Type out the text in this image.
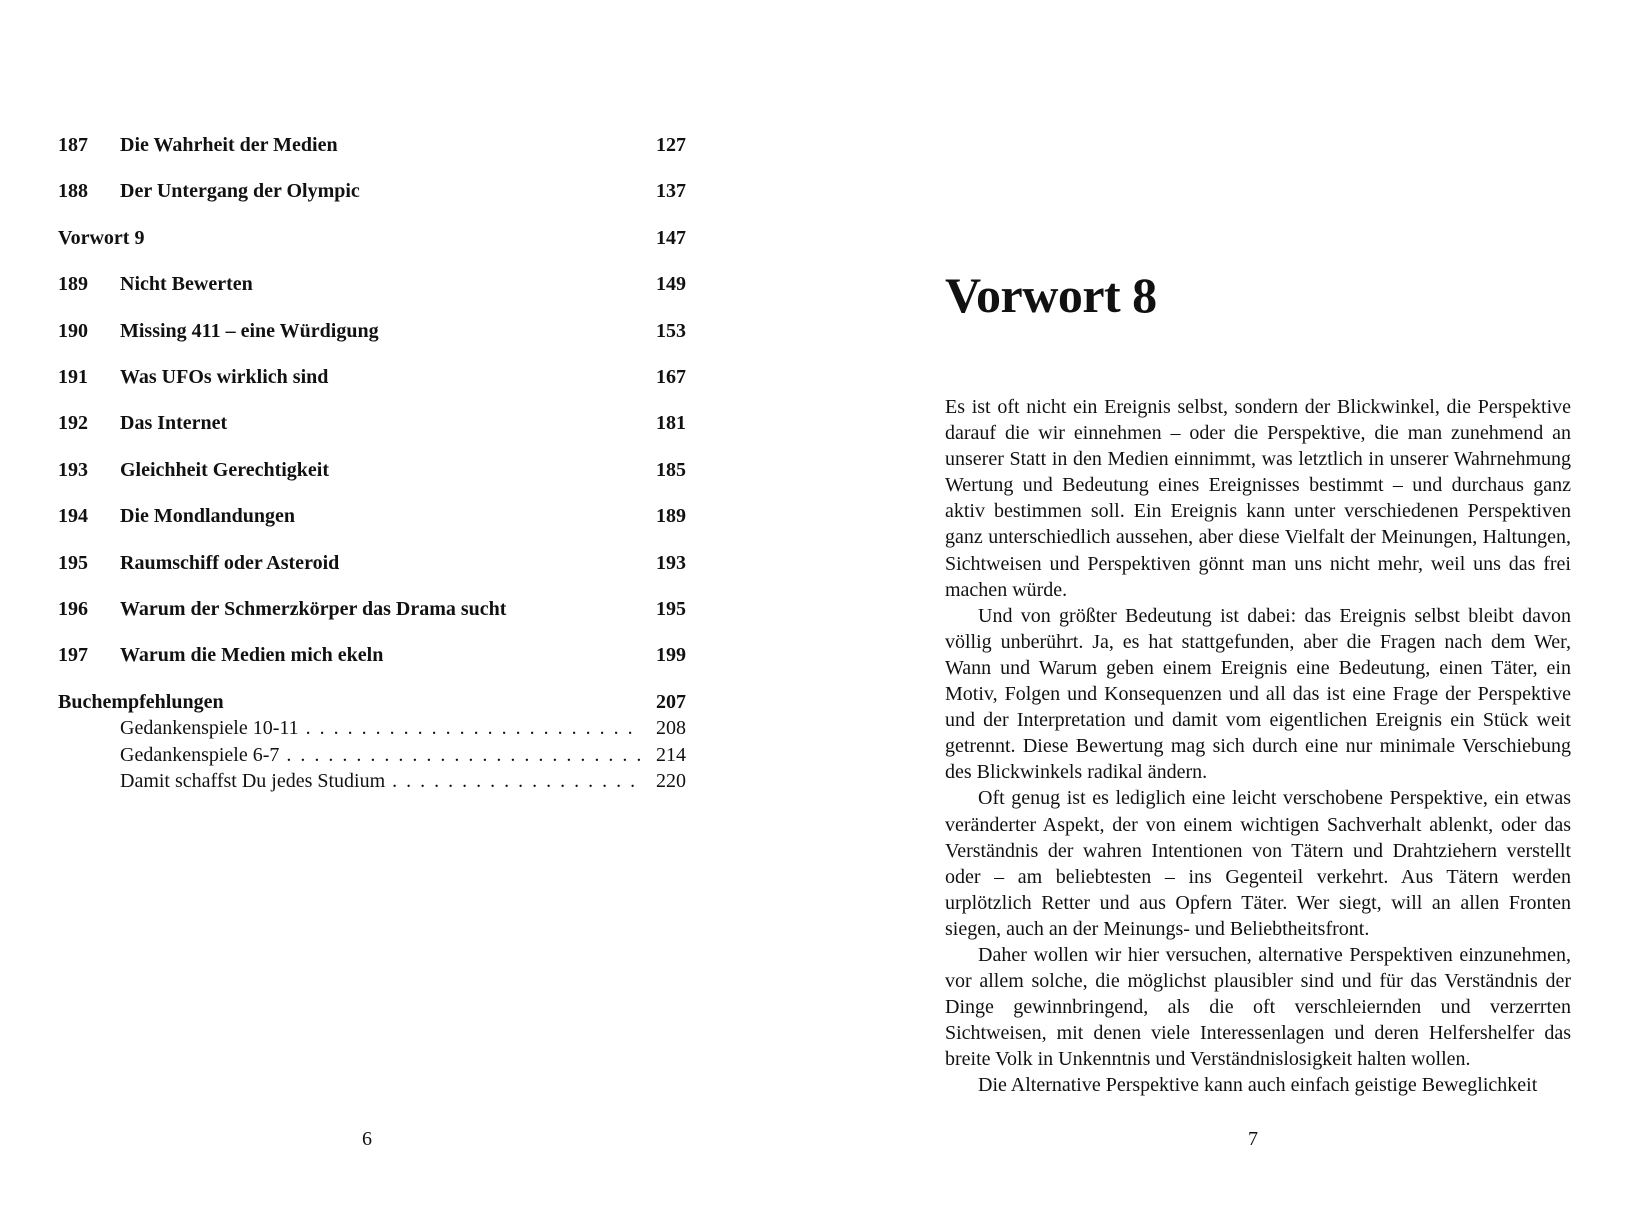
187 Die Wahrheit der Medien	127
188 Der Untergang der Olympic	137
Vorwort 9	147
189 Nicht Bewerten	149
190 Missing 411 – eine Würdigung	153
191 Was UFOs wirklich sind	167
192 Das Internet	181
193 Gleichheit Gerechtigkeit	185
194 Die Mondlandungen	189
195 Raumschiff oder Asteroid	193
196 Warum der Schmerzkörper das Drama sucht	195
197 Warum die Medien mich ekeln	199
Buchempfehlungen	207
Gedankenspiele 10-11 . . .	208
Gedankenspiele 6-7 . . .	214
Damit schaffst Du jedes Studium . . .	220
6
Vorwort 8

Es ist oft nicht ein Ereignis selbst, sondern der Blickwinkel, die Perspektive darauf die wir einnehmen – oder die Perspektive, die man zunehmend an unserer Statt in den Medien einnimmt, was letztlich in unserer Wahrnehmung Wertung und Bedeutung eines Ereignisses bestimmt – und durchaus ganz aktiv bestimmen soll. Ein Ereignis kann unter verschiedenen Perspektiven ganz unterschiedlich aussehen, aber diese Vielfalt der Meinungen, Haltungen, Sichtweisen und Perspektiven gönnt man uns nicht mehr, weil uns das frei machen würde.

Und von größter Bedeutung ist dabei: das Ereignis selbst bleibt davon völlig unberührt. Ja, es hat stattgefunden, aber die Fragen nach dem Wer, Wann und Warum geben einem Ereignis eine Bedeutung, einen Täter, ein Motiv, Folgen und Konsequenzen und all das ist eine Frage der Perspektive und der Interpretation und damit vom eigentlichen Ereignis ein Stück weit getrennt. Diese Bewertung mag sich durch eine nur minimale Verschiebung des Blickwinkels radikal ändern.

Oft genug ist es lediglich eine leicht verschobene Perspektive, ein etwas veränderter Aspekt, der von einem wichtigen Sachverhalt ablenkt, oder das Verständnis der wahren Intentionen von Tätern und Drahtziehern verstellt oder – am beliebtesten – ins Gegenteil verkehrt. Aus Tätern werden urplötzlich Retter und aus Opfern Täter. Wer siegt, will an allen Fronten siegen, auch an der Meinungs- und Beliebtheitsfront.

Daher wollen wir hier versuchen, alternative Perspektiven einzunehmen, vor allem solche, die möglichst plausibler sind und für das Verständnis der Dinge gewinnbringend, als die oft verschleiernden und verzerrten Sichtweisen, mit denen viele Interessenlagen und deren Helfershelfer das breite Volk in Unkenntnis und Verständnislosigkeit halten wollen.

Die Alternative Perspektive kann auch einfach geistige Beweglichkeit

7
